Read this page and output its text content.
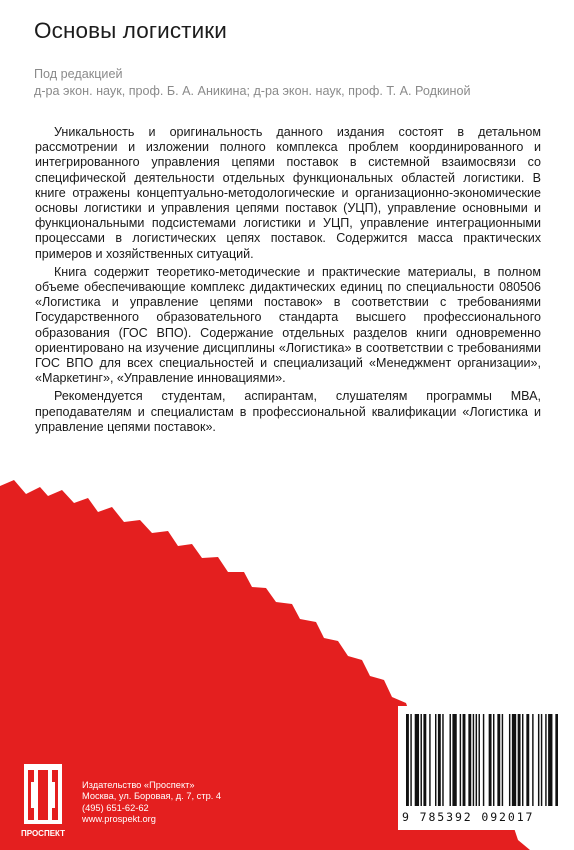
Основы логистики
Под редакцией
д-ра экон. наук, проф. Б. А. Аникина; д-ра экон. наук, проф. Т. А. Родкиной

Уникальность и оригинальность данного издания состоят в детальном рассмотрении и изложении полного комплекса проблем координированного и интегрированного управления цепями поставок в системной взаимосвязи со специфической деятельности отдельных функциональных областей логистики. В книге отражены концептуально-методологические и организационно-экономические основы логистики и управления цепями поставок (УЦП), управление основными и функциональными подсистемами логистики и УЦП, управление интеграционными процессами в логистических цепях поставок. Содержится масса практических примеров и хозяйственных ситуаций.

Книга содержит теоретико-методические и практические материалы, в полном объеме обеспечивающие комплекс дидактических единиц по специальности 080506 «Логистика и управление цепями поставок» в соответствии с требованиями Государственного образовательного стандарта высшего профессионального образования (ГОС ВПО). Содержание отдельных разделов книги одновременно ориентировано на изучение дисциплины «Логистика» в соответствии с требованиями ГОС ВПО для всех специальностей и специализаций «Менеджмент организации», «Маркетинг», «Управление инновациями».

Рекомендуется студентам, аспирантам, слушателям программы МВА, преподавателям и специалистам в профессиональной квалификации «Логистика и управление цепями поставок».

ПРОСПЕКТ
Издательство «Проспект»
Москва, ул. Боровая, д. 7, стр. 4
(495) 651-62-62
www.prospekt.org	9 785392 092017
